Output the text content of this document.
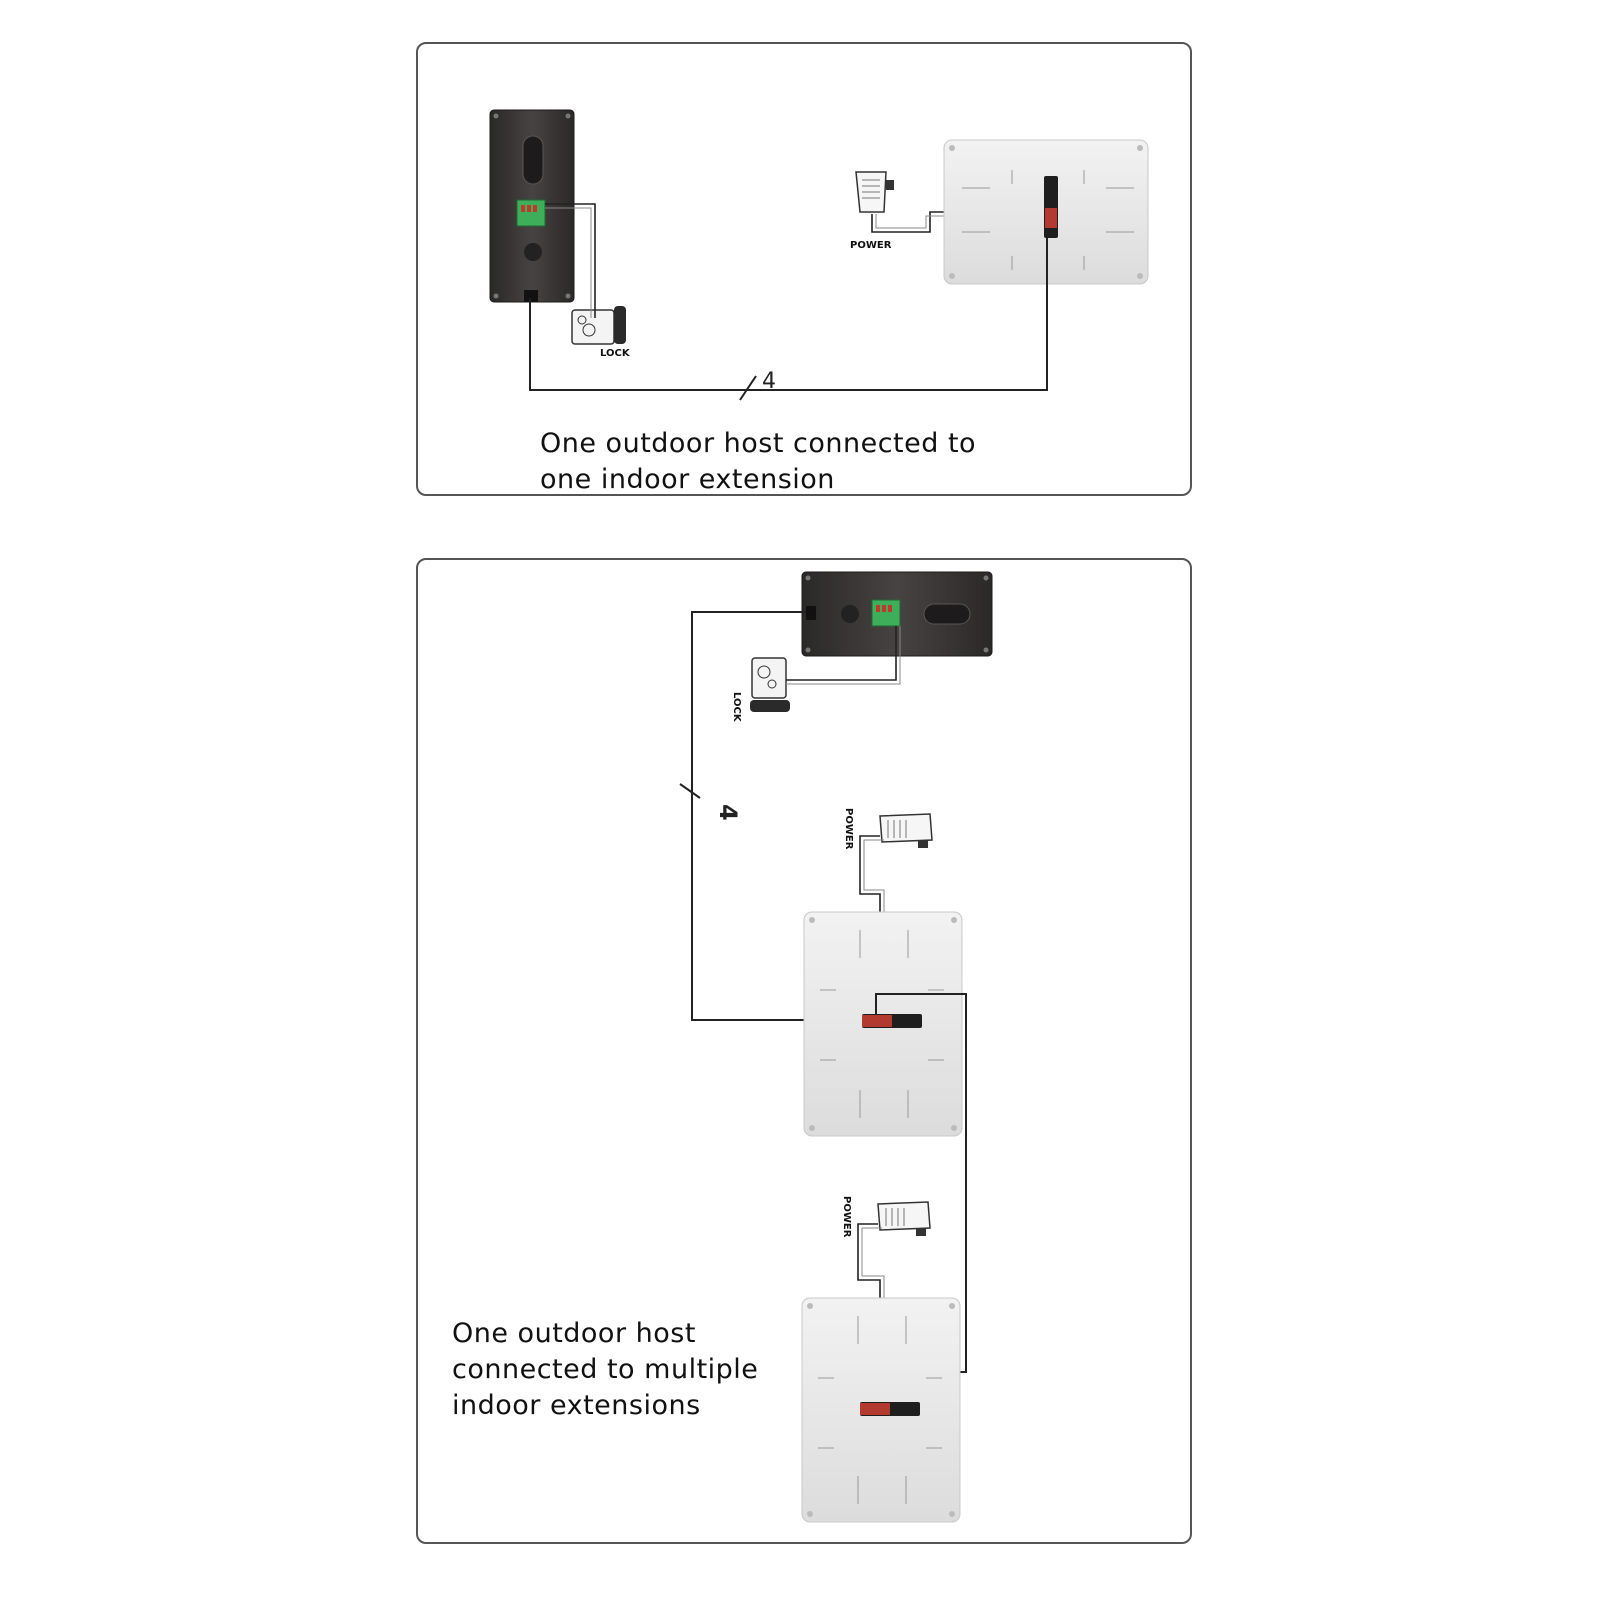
LOCK
POWER
4
LOCK
4	POWER
POWER
One outdoor host connected to
one indoor extension
One outdoor host
connected to multiple
indoor extensions
